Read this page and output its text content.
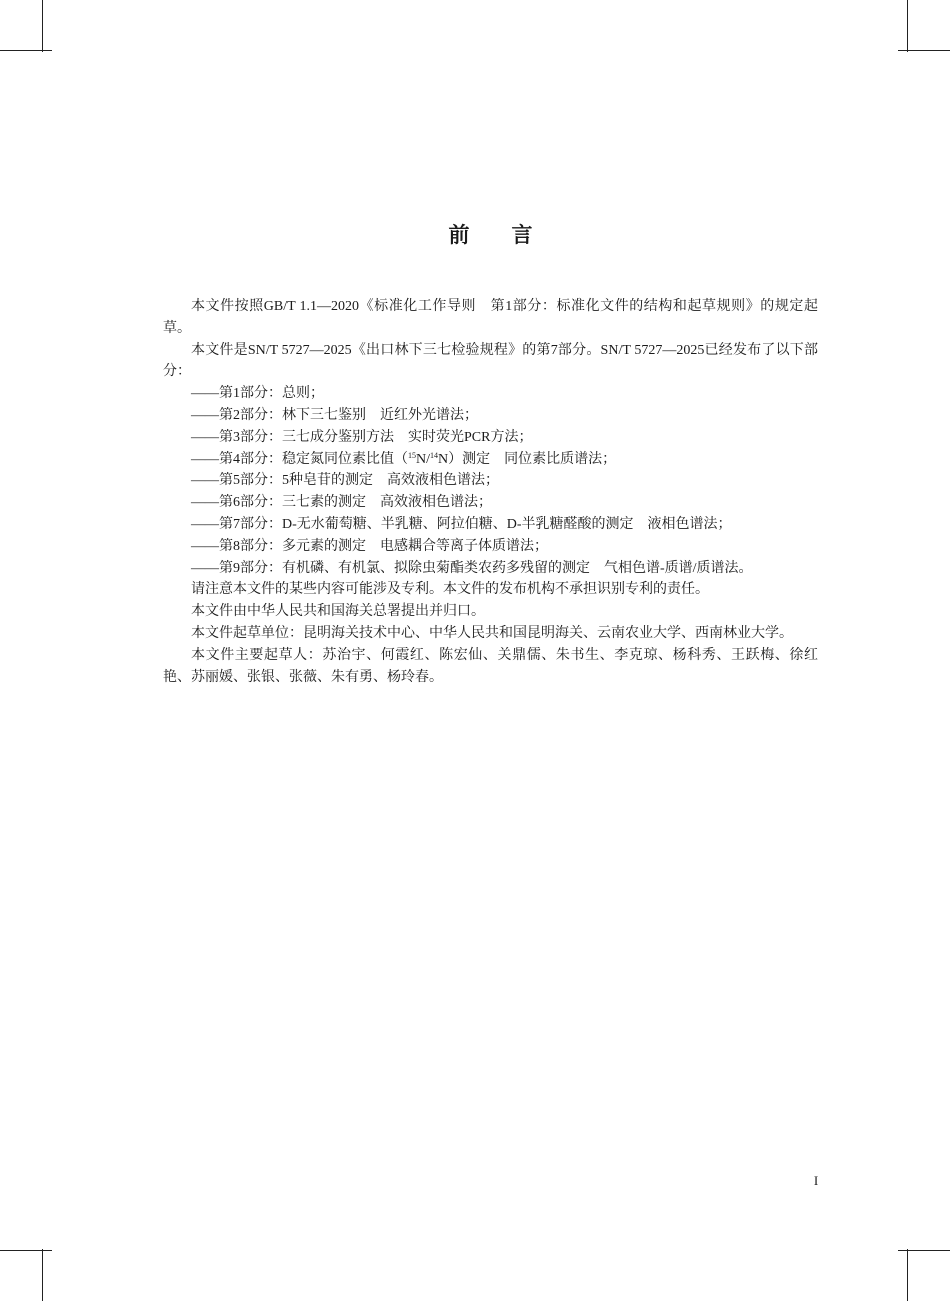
前　　言

本文件按照GB/T 1.1—2020《标准化工作导则　第1部分：标准化文件的结构和起草规则》的规定起草。

本文件是SN/T 5727—2025《出口林下三七检验规程》的第7部分。SN/T 5727—2025已经发布了以下部分：

——第1部分：总则；
——第2部分：林下三七鉴别　近红外光谱法；
——第3部分：三七成分鉴别方法　实时荧光PCR方法；
——第4部分：稳定氮同位素比值（$^{15}$N/$^{14}$N）测定　同位素比质谱法；
——第5部分：5种皂苷的测定　高效液相色谱法；
——第6部分：三七素的测定　高效液相色谱法；
——第7部分：D-无水葡萄糖、半乳糖、阿拉伯糖、D-半乳糖醛酸的测定　液相色谱法；
——第8部分：多元素的测定　电感耦合等离子体质谱法；
——第9部分：有机磷、有机氯、拟除虫菊酯类农药多残留的测定　气相色谱-质谱/质谱法。

请注意本文件的某些内容可能涉及专利。本文件的发布机构不承担识别专利的责任。

本文件由中华人民共和国海关总署提出并归口。

本文件起草单位：昆明海关技术中心、中华人民共和国昆明海关、云南农业大学、西南林业大学。

本文件主要起草人：苏治宇、何霞红、陈宏仙、关鼎儒、朱书生、李克琼、杨科秀、王跃梅、徐红艳、苏丽媛、张银、张薇、朱有勇、杨玲春。

I
